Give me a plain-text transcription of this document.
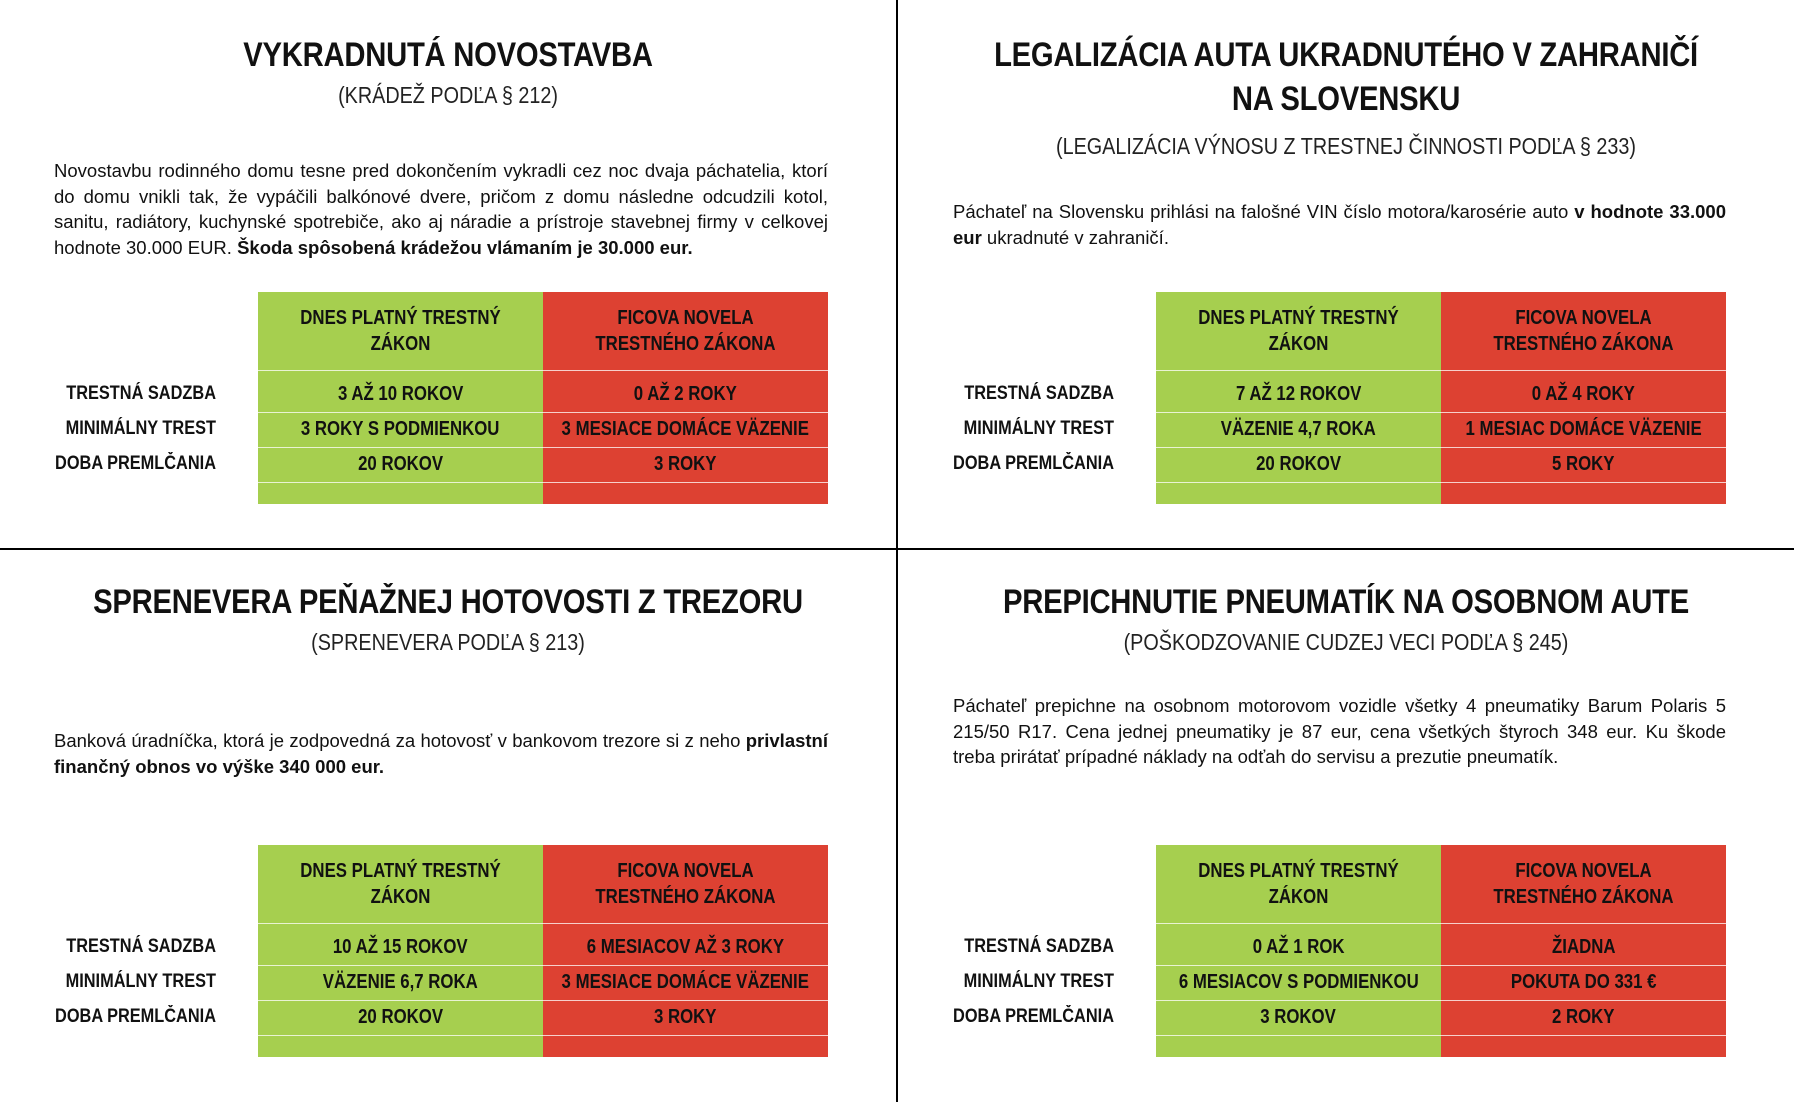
VYKRADNUTÁ NOVOSTAVBA
(KRÁDEŽ PODĽA § 212)
Novostavbu rodinného domu tesne pred dokončením vykradli cez noc dvaja páchatelia, ktorí do domu vnikli tak, že vypáčili balkónové dvere, pričom z domu následne odcudzili kotol, sanitu, radiátory, kuchynské spotrebiče, ako aj náradie a prístroje stavebnej firmy v celkovej hodnote 30.000 EUR. Škoda spôsobená krádežou vlámaním je 30.000 eur.
TRESTNÁ SADZBA
MINIMÁLNY TREST
DOBA PREMLČANIA
DNES PLATNÝ TRESTNÝ ZÁKON
3 AŽ 10 ROKOV
3 ROKY S PODMIENKOU
20 ROKOV
FICOVA NOVELA TRESTNÉHO ZÁKONA
0 AŽ 2 ROKY
3 MESIACE DOMÁCE VÄZENIE
3 ROKY
LEGALIZÁCIA AUTA UKRADNUTÉHO V ZAHRANIČÍ
NA SLOVENSKU
(LEGALIZÁCIA VÝNOSU Z TRESTNEJ ČINNOSTI PODĽA § 233)
Páchateľ na Slovensku prihlási na falošné VIN číslo motora/karosérie auto v hodnote 33.000 eur ukradnuté v zahraničí.
TRESTNÁ SADZBA
MINIMÁLNY TREST
DOBA PREMLČANIA
DNES PLATNÝ TRESTNÝ ZÁKON
7 AŽ 12 ROKOV
VÄZENIE 4,7 ROKA
20 ROKOV
FICOVA NOVELA TRESTNÉHO ZÁKONA
0 AŽ 4 ROKY
1 MESIAC DOMÁCE VÄZENIE
5 ROKY
SPRENEVERA PEŇAŽNEJ HOTOVOSTI Z TREZORU
(SPRENEVERA PODĽA § 213)
Banková úradníčka, ktorá je zodpovedná za hotovosť v bankovom trezore si z neho privlastní finančný obnos vo výške 340 000 eur.
TRESTNÁ SADZBA
MINIMÁLNY TREST
DOBA PREMLČANIA
DNES PLATNÝ TRESTNÝ ZÁKON
10 AŽ 15 ROKOV
VÄZENIE 6,7 ROKA
20 ROKOV
FICOVA NOVELA TRESTNÉHO ZÁKONA
6 MESIACOV AŽ 3 ROKY
3 MESIACE DOMÁCE VÄZENIE
3 ROKY
PREPICHNUTIE PNEUMATÍK NA OSOBNOM AUTE
(POŠKODZOVANIE CUDZEJ VECI PODĽA § 245)
Páchateľ prepichne na osobnom motorovom vozidle všetky 4 pneumatiky Barum Polaris 5 215/50 R17. Cena jednej pneumatiky je 87 eur, cena všetkých štyroch 348 eur. Ku škode treba prirátať prípadné náklady na odťah do servisu a prezutie pneumatík.
TRESTNÁ SADZBA
MINIMÁLNY TREST
DOBA PREMLČANIA
DNES PLATNÝ TRESTNÝ ZÁKON
0 AŽ 1 ROK
6 MESIACOV S PODMIENKOU
3 ROKOV
FICOVA NOVELA TRESTNÉHO ZÁKONA
ŽIADNA
POKUTA DO 331 €
2 ROKY
